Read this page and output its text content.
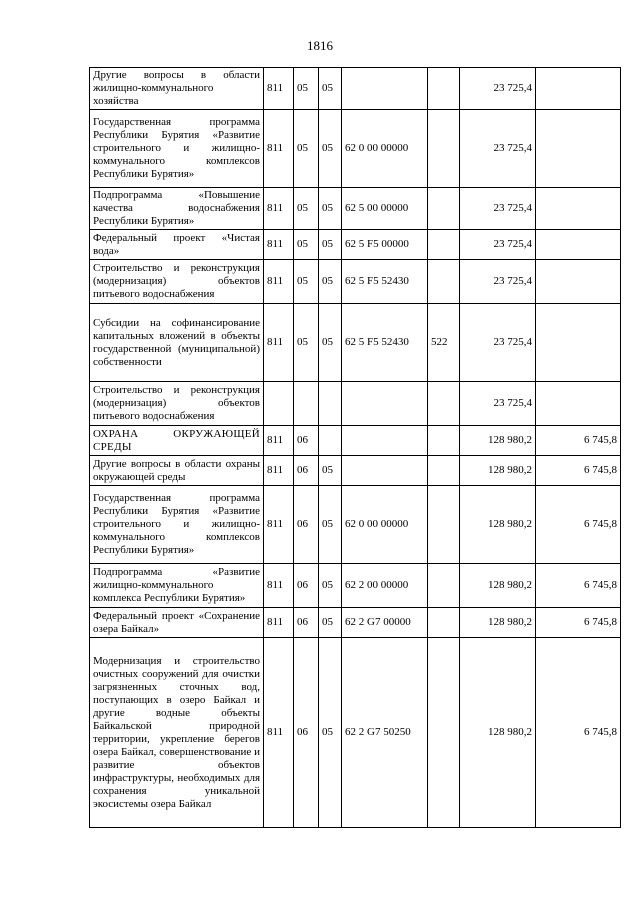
1816
Другие вопросы в области жилищно-коммунального хозяйства	811	05	05			23 725,4	
Государственная программа Республики Бурятия «Развитие строительного и жилищно-коммунального комплексов Республики Бурятия»	811	05	05	62 0 00 00000		23 725,4	
Подпрограмма «Повышение качества водоснабжения Республики Бурятия»	811	05	05	62 5 00 00000		23 725,4	
Федеральный проект «Чистая вода»	811	05	05	62 5 F5 00000		23 725,4	
Строительство и реконструкция (модернизация) объектов питьевого водоснабжения	811	05	05	62 5 F5 52430		23 725,4	
Субсидии на софинансирование капитальных вложений в объекты государственной (муниципальной) собственности	811	05	05	62 5 F5 52430	522	23 725,4	
Строительство и реконструкция (модернизация) объектов питьевого водоснабжения						23 725,4	
ОХРАНА ОКРУЖАЮЩЕЙ СРЕДЫ	811	06				128 980,2	6 745,8
Другие вопросы в области охраны окружающей среды	811	06	05			128 980,2	6 745,8
Государственная программа Республики Бурятия «Развитие строительного и жилищно-коммунального комплексов Республики Бурятия»	811	06	05	62 0 00 00000		128 980,2	6 745,8
Подпрограмма «Развитие жилищно-коммунального комплекса Республики Бурятия»	811	06	05	62 2 00 00000		128 980,2	6 745,8
Федеральный проект «Сохранение озера Байкал»	811	06	05	62 2 G7 00000		128 980,2	6 745,8
Модернизация и строительство очистных сооружений для очистки загрязненных сточных вод, поступающих в озеро Байкал и другие водные объекты Байкальской природной территории, укрепление берегов озера Байкал, совершенствование и развитие объектов инфраструктуры, необходимых для сохранения уникальной экосистемы озера Байкал	811	06	05	62 2 G7 50250		128 980,2	6 745,8
